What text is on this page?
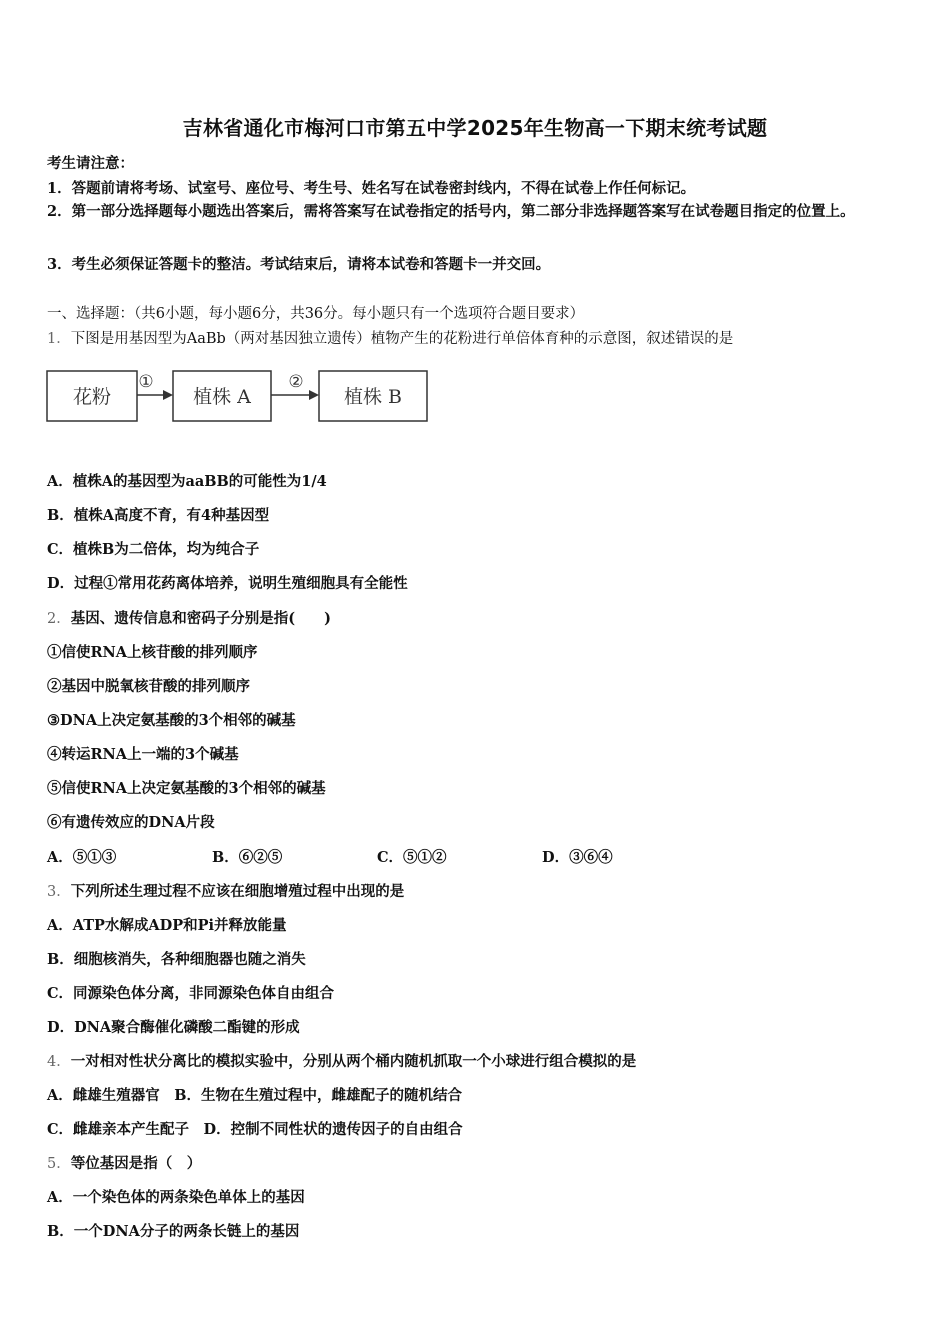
吉林省通化市梅河口市第五中学2025年生物高一下期末统考试题
考生请注意：
1．答题前请将考场、试室号、座位号、考生号、姓名写在试卷密封线内，不得在试卷上作任何标记。
2．第一部分选择题每小题选出答案后，需将答案写在试卷指定的括号内，第二部分非选择题答案写在试卷题目指定的位置上。
3．考生必须保证答题卡的整洁。考试结束后，请将本试卷和答题卡一并交回。
一、选择题：（共6小题，每小题6分，共36分。每小题只有一个选项符合题目要求）
1．下图是用基因型为AaBb（两对基因独立遗传）植物产生的花粉进行单倍体育种的示意图，叙述错误的是
花粉
①
植株 A
②
植株 B
A．植株A的基因型为aaBB的可能性为1/4
B．植株A高度不育，有4种基因型
C．植株B为二倍体，均为纯合子
D．过程①常用花药离体培养，说明生殖细胞具有全能性
2．基因、遗传信息和密码子分别是指(　　)
①信使RNA上核苷酸的排列顺序
②基因中脱氧核苷酸的排列顺序
③DNA上决定氨基酸的3个相邻的碱基
④转运RNA上一端的3个碱基
⑤信使RNA上决定氨基酸的3个相邻的碱基
⑥有遗传效应的DNA片段
A．⑤①③	B．⑥②⑤	C．⑤①②	D．③⑥④
3．下列所述生理过程不应该在细胞增殖过程中出现的是
A．ATP水解成ADP和Pi并释放能量
B．细胞核消失，各种细胞器也随之消失
C．同源染色体分离，非同源染色体自由组合
D．DNA聚合酶催化磷酸二酯键的形成
4．一对相对性状分离比的模拟实验中，分别从两个桶内随机抓取一个小球进行组合模拟的是
A．雌雄生殖器官　B．生物在生殖过程中，雌雄配子的随机结合
C．雌雄亲本产生配子　D．控制不同性状的遗传因子的自由组合
5．等位基因是指（　）
A．一个染色体的两条染色单体上的基因
B．一个DNA分子的两条长链上的基因
